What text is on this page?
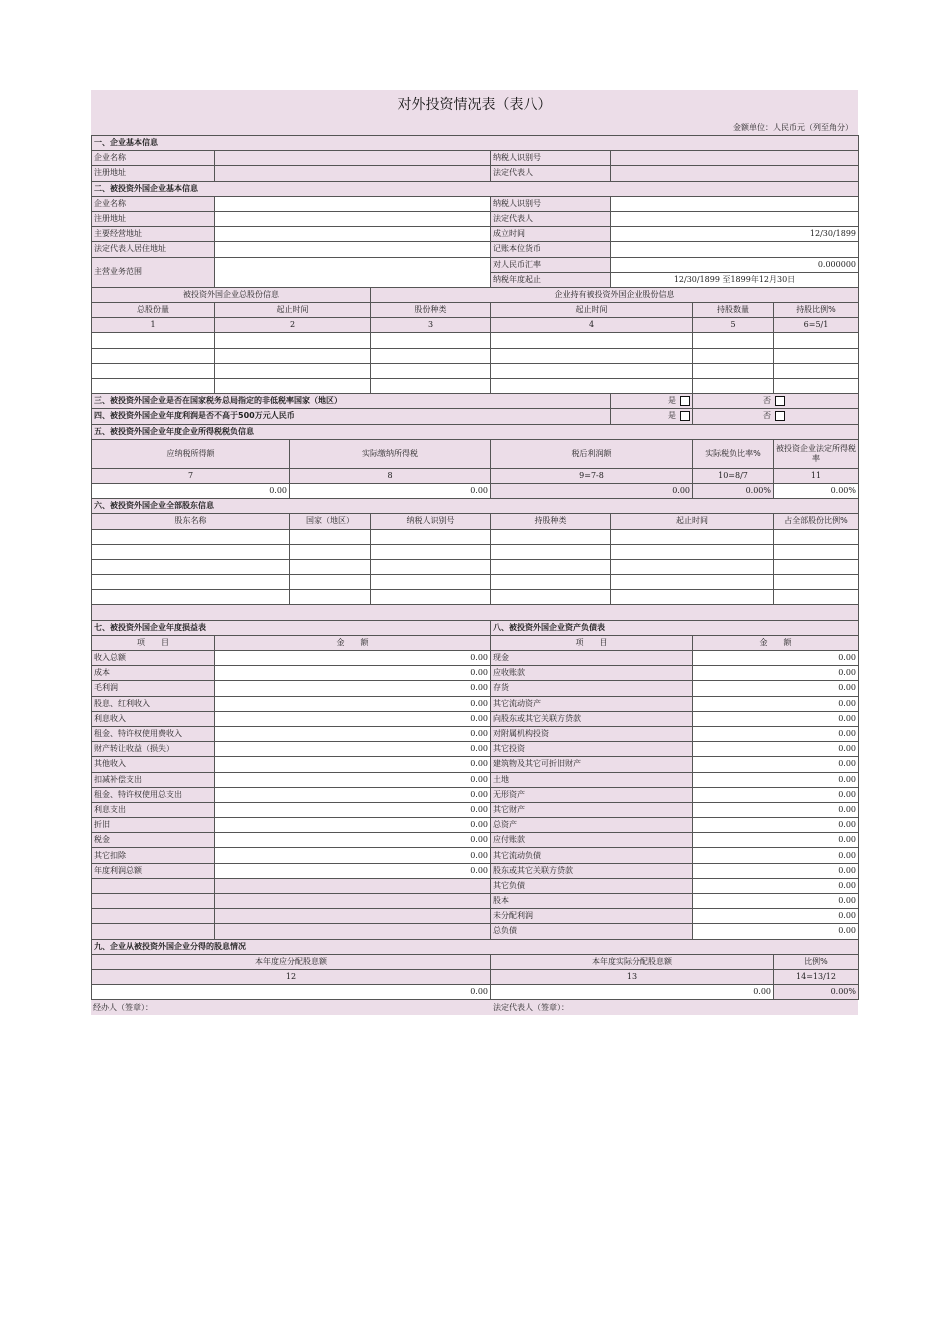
对外投资情况表（表八）
金额单位：人民币元（列至角分）
一、企业基本信息							
企业名称				纳税人识别号			
注册地址				法定代表人			
二、被投资外国企业基本信息							
企业名称				纳税人识别号			
注册地址				法定代表人			
主要经营地址				成立时间	12/30/1899		
法定代表人居住地址				记账本位货币			
主营业务范围				对人民币汇率	0.000000		
				纳税年度起止	12/30/1899 至1899年12月30日		
被投资外国企业总股份信息			企业持有被投资外国企业股份信息				
总股份量	起止时间		股份种类	起止时间		持股数量	持股比例%
1	2		3	4		5	6=5/1

三、被投资外国企业是否在国家税务总局指定的非低税率国家（地区）					是	否	
四、被投资外国企业年度利润是否不高于500万元人民币					是	否	
五、被投资外国企业年度企业所得税税负信息							
应纳税所得额		实际缴纳所得税		税后利润额		实际税负比率%	被投资企业法定所得税率
7		8		9=7-8		10=8/7	11
0.00		0.00		0.00		0.00%	0.00%
六、被投资外国企业全部股东信息							
股东名称		国家（地区）	纳税人识别号	持股种类	起止时间		占全部股份比例%

七、被投资外国企业年度损益表				八、被投资外国企业资产负债表			
项　　目	金　　额			项　　目		金　　额	
收入总额	0.00			现金		0.00	
成本	0.00			应收账款		0.00	
毛利润	0.00			存货		0.00	
股息、红利收入	0.00			其它流动资产		0.00	
利息收入	0.00			向股东或其它关联方贷款		0.00	
租金、特许权使用费收入	0.00			对附属机构投资		0.00	
财产转让收益（损失）	0.00			其它投资		0.00	
其他收入	0.00			建筑物及其它可折旧财产		0.00	
扣减补偿支出	0.00			土地		0.00	
租金、特许权使用总支出	0.00			无形资产		0.00	
利息支出	0.00			其它财产		0.00	
折旧	0.00			总资产		0.00	
税金	0.00			应付账款		0.00	
其它扣除	0.00			其它流动负债		0.00	
年度利润总额	0.00			股东或其它关联方贷款		0.00	
				其它负债		0.00	
				股本		0.00	
				未分配利润		0.00	
				总负债		0.00	
九、企业从被投资外国企业分得的股息情况							
本年度应分配股息额				本年度实际分配股息额			比例%
12				13			14=13/12
0.00				0.00			0.00%
经办人（签章）：	法定代表人（签章）：
